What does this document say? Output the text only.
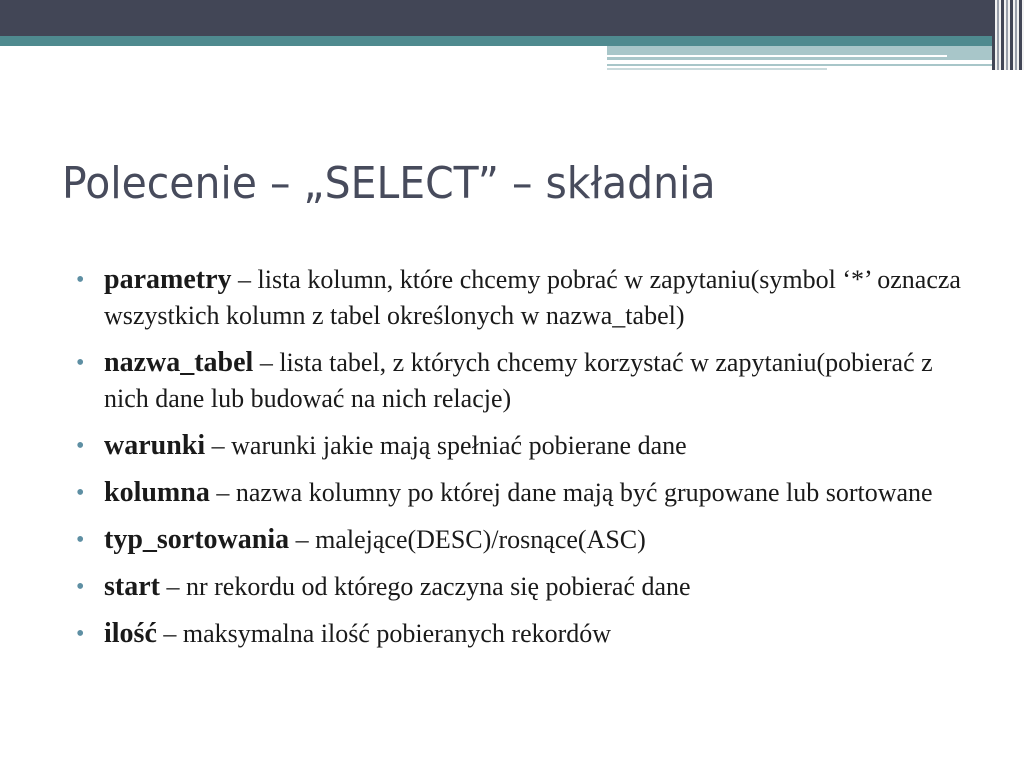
Polecenie – „SELECT” – składnia
• parametry – lista kolumn, które chcemy pobrać w zapytaniu(symbol ‘*’ oznacza wszystkich kolumn z tabel określonych w nazwa_tabel)
• nazwa_tabel – lista tabel, z których chcemy korzystać w zapytaniu(pobierać z nich dane lub budować na nich relacje)
• warunki – warunki jakie mają spełniać pobierane dane
• kolumna – nazwa kolumny po której dane mają być grupowane lub sortowane
• typ_sortowania – malejące(DESC)/rosnące(ASC)
• start – nr rekordu od którego zaczyna się pobierać dane
• ilość – maksymalna ilość pobieranych rekordów
